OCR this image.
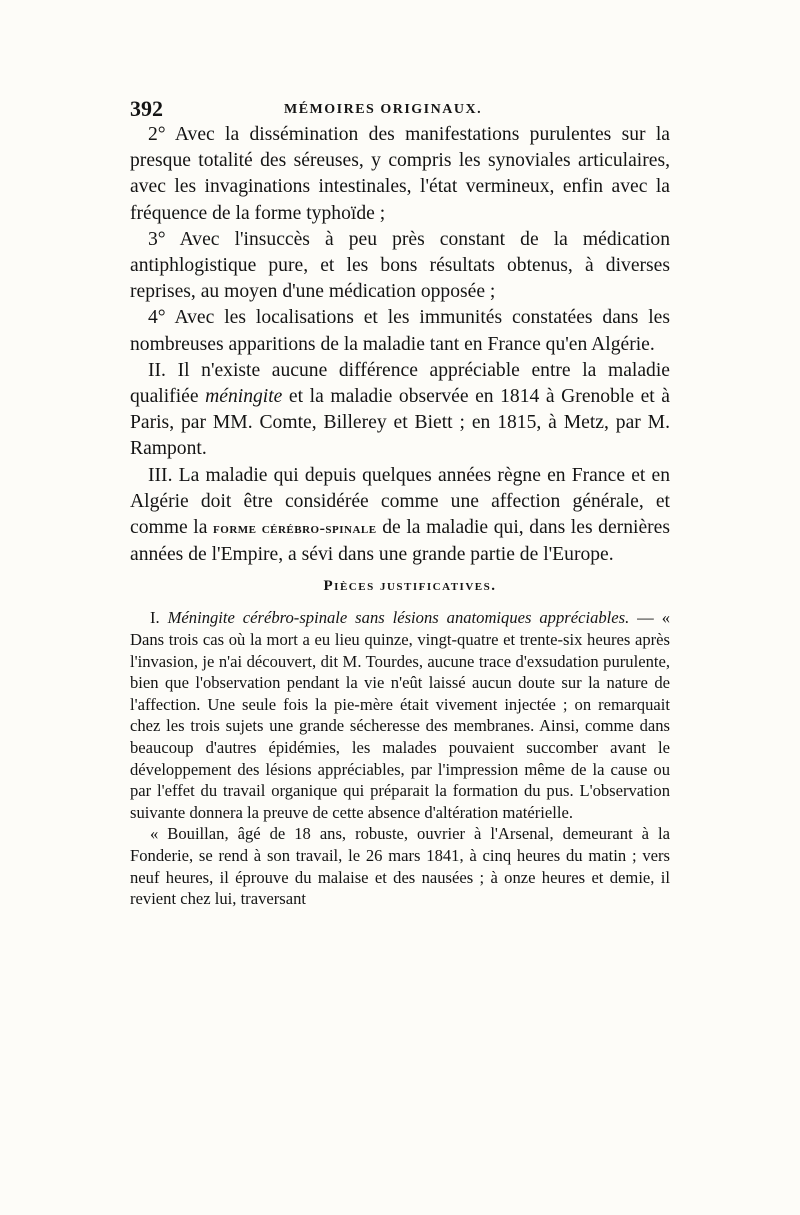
392	MÉMOIRES ORIGINAUX.

2° Avec la dissémination des manifestations purulentes sur la presque totalité des séreuses, y compris les synoviales articulaires, avec les invaginations intestinales, l'état vermineux, enfin avec la fréquence de la forme typhoïde ;

3° Avec l'insuccès à peu près constant de la médication antiphlogistique pure, et les bons résultats obtenus, à diverses reprises, au moyen d'une médication opposée ;

4° Avec les localisations et les immunités constatées dans les nombreuses apparitions de la maladie tant en France qu'en Algérie.

II. Il n'existe aucune différence appréciable entre la maladie qualifiée méningite et la maladie observée en 1814 à Grenoble et à Paris, par MM. Comte, Billerey et Biett ; en 1815, à Metz, par M. Rampont.

III. La maladie qui depuis quelques années règne en France et en Algérie doit être considérée comme une affection générale, et comme la forme cérébro-spinale de la maladie qui, dans les dernières années de l'Empire, a sévi dans une grande partie de l'Europe.

Pièces justificatives.

I. Méningite cérébro-spinale sans lésions anatomiques appréciables. — « Dans trois cas où la mort a eu lieu quinze, vingt-quatre et trente-six heures après l'invasion, je n'ai découvert, dit M. Tourdes, aucune trace d'exsudation purulente, bien que l'observation pendant la vie n'eût laissé aucun doute sur la nature de l'affection. Une seule fois la pie-mère était vivement injectée ; on remarquait chez les trois sujets une grande sécheresse des membranes. Ainsi, comme dans beaucoup d'autres épidémies, les malades pouvaient succomber avant le développement des lésions appréciables, par l'impression même de la cause ou par l'effet du travail organique qui préparait la formation du pus. L'observation suivante donnera la preuve de cette absence d'altération matérielle.

« Bouillan, âgé de 18 ans, robuste, ouvrier à l'Arsenal, demeurant à la Fonderie, se rend à son travail, le 26 mars 1841, à cinq heures du matin ; vers neuf heures, il éprouve du malaise et des nausées ; à onze heures et demie, il revient chez lui, traversant
